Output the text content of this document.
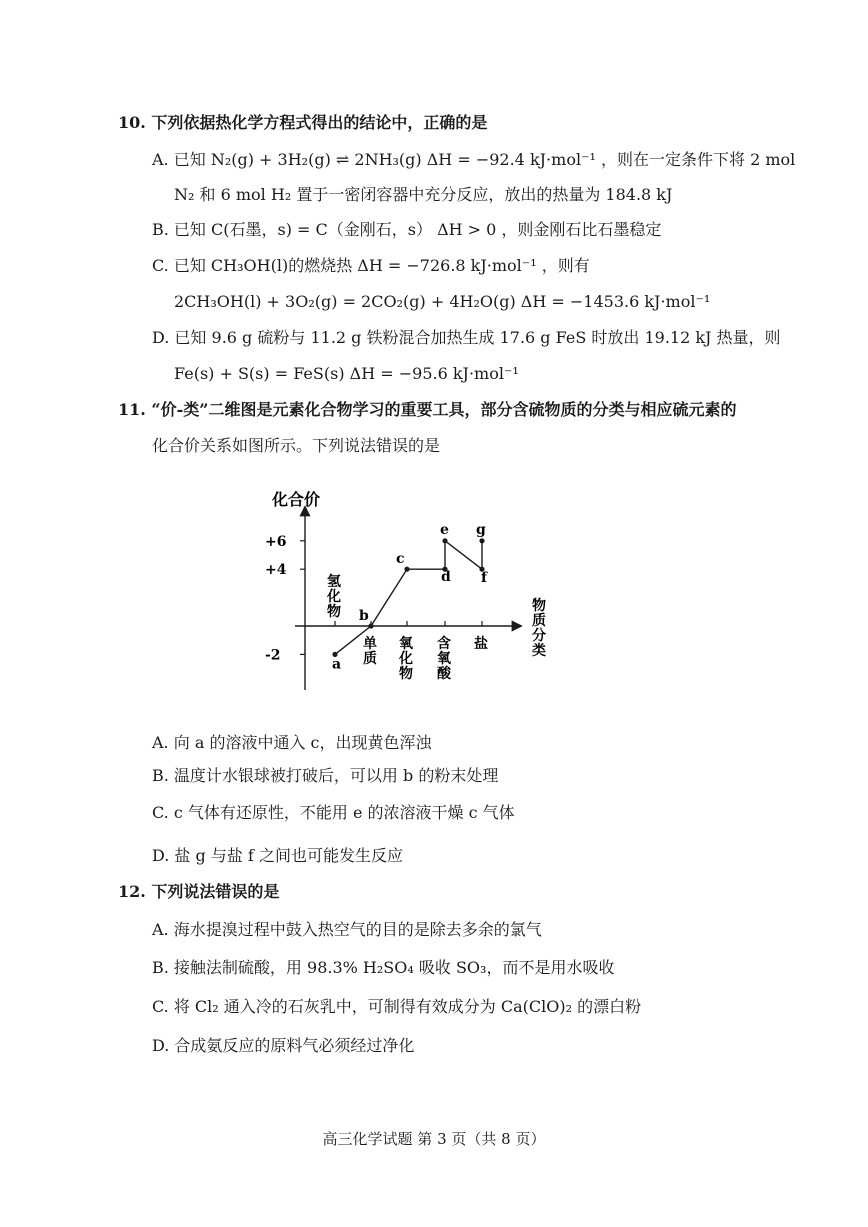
10. 下列依据热化学方程式得出的结论中，正确的是
A. 已知 N₂(g) + 3H₂(g) ⇌ 2NH₃(g) ΔH = −92.4 kJ·mol⁻¹ ，则在一定条件下将 2 mol
N₂ 和 6 mol H₂ 置于一密闭容器中充分反应，放出的热量为 184.8 kJ
B. 已知 C(石墨，s) = C（金刚石，s） ΔH > 0 ，则金刚石比石墨稳定
C. 已知 CH₃OH(l)的燃烧热 ΔH = −726.8 kJ·mol⁻¹ ，则有
2CH₃OH(l) + 3O₂(g) = 2CO₂(g) + 4H₂O(g) ΔH = −1453.6 kJ·mol⁻¹
D. 已知 9.6 g 硫粉与 11.2 g 铁粉混合加热生成 17.6 g FeS 时放出 19.12 kJ 热量，则
Fe(s) + S(s) = FeS(s) ΔH = −95.6 kJ·mol⁻¹
11. “价-类”二维图是元素化合物学习的重要工具，部分含硫物质的分类与相应硫元素的
化合价关系如图所示。下列说法错误的是
化合价
+6
+4
-2
氢
化
物
单
质
氧
化
物
含
氧
酸
盐
a
b
c
d
e
f
g
物
质
分
类
A. 向 a 的溶液中通入 c，出现黄色浑浊
B. 温度计水银球被打破后，可以用 b 的粉末处理
C. c 气体有还原性，不能用 e 的浓溶液干燥 c 气体
D. 盐 g 与盐 f 之间也可能发生反应
12. 下列说法错误的是
A. 海水提溴过程中鼓入热空气的目的是除去多余的氯气
B. 接触法制硫酸，用 98.3% H₂SO₄ 吸收 SO₃，而不是用水吸收
C. 将 Cl₂ 通入冷的石灰乳中，可制得有效成分为 Ca(ClO)₂ 的漂白粉
D. 合成氨反应的原料气必须经过净化
高三化学试题 第 3 页（共 8 页）
